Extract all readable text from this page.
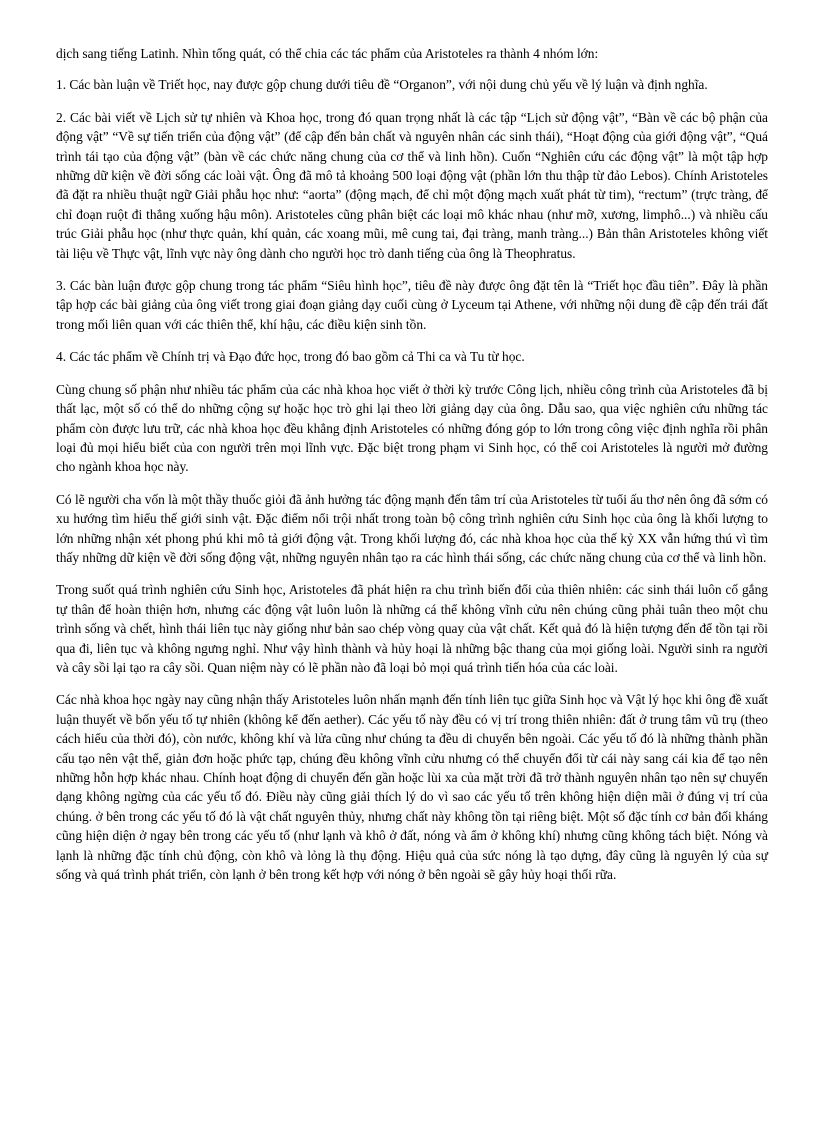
dịch sang tiếng Latinh. Nhìn tổng quát, có thể chia các tác phẩm của Aristoteles ra thành 4 nhóm lớn:

1. Các bàn luận về Triết học, nay được gộp chung dưới tiêu đề “Organon”, với nội dung chủ yếu về lý luận và định nghĩa.

2. Các bài viết về Lịch sử tự nhiên và Khoa học, trong đó quan trọng nhất là các tập “Lịch sử động vật”, “Bàn về các bộ phận của động vật” “Về sự tiến triển của động vật” (để cập đến bản chất và nguyên nhân các sinh thái), “Hoạt động của giới động vật”, “Quá trình tái tạo của động vật” (bàn về các chức năng chung của cơ thể và linh hồn). Cuốn “Nghiên cứu các động vật” là một tập hợp những dữ kiện về đời sống các loài vật. Ông đã mô tả khoảng 500 loại động vật (phần lớn thu thập từ đảo Lebos). Chính Aristoteles đã đặt ra nhiều thuật ngữ Giải phẫu học như: “aorta” (động mạch, để chỉ một động mạch xuất phát từ tim), “rectum” (trực tràng, để chỉ đoạn ruột đi thẳng xuống hậu môn). Aristoteles cũng phân biệt các loại mô khác nhau (như mỡ, xương, limphô...) và nhiều cấu trúc Giải phẫu học (như thực quản, khí quản, các xoang mũi, mê cung tai, đại tràng, manh tràng...) Bản thân Aristoteles không viết tài liệu về Thực vật, lĩnh vực này ông dành cho người học trò danh tiếng của ông là Theophratus.

3. Các bàn luận được gộp chung trong tác phẩm “Siêu hình học”, tiêu đề này được ông đặt tên là “Triết học đầu tiên”. Đây là phần tập hợp các bài giảng của ông viết trong giai đoạn giảng dạy cuối cùng ở Lyceum tại Athene, với những nội dung đề cập đến trái đất trong mối liên quan với các thiên thể, khí hậu, các điều kiện sinh tồn.

4. Các tác phẩm về Chính trị và Đạo đức học, trong đó bao gồm cả Thi ca và Tu từ học.

Cùng chung số phận như nhiều tác phẩm của các nhà khoa học viết ở thời kỳ trước Công lịch, nhiều công trình của Aristoteles đã bị thất lạc, một số có thể do những cộng sự hoặc học trò ghi lại theo lời giảng dạy của ông. Dẫu sao, qua việc nghiên cứu những tác phẩm còn được lưu trữ, các nhà khoa học đều khẳng định Aristoteles có những đóng góp to lớn trong công việc định nghĩa rồi phân loại đủ mọi hiểu biết của con người trên mọi lĩnh vực. Đặc biệt trong phạm vi Sinh học, có thể coi Aristoteles là người mở đường cho ngành khoa học này.

Có lẽ người cha vốn là một thầy thuốc giỏi đã ảnh hưởng tác động mạnh đến tâm trí của Aristoteles từ tuổi ấu thơ nên ông đã sớm có xu hướng tìm hiểu thế giới sinh vật. Đặc điểm nổi trội nhất trong toàn bộ công trình nghiên cứu Sinh học của ông là khối lượng to lớn những nhận xét phong phú khi mô tả giới động vật. Trong khối lượng đó, các nhà khoa học của thế kỷ XX vẫn hứng thú vì tìm thấy những dữ kiện về đời sống động vật, những nguyên nhân tạo ra các hình thái sống, các chức năng chung của cơ thể và linh hồn.

Trong suốt quá trình nghiên cứu Sinh học, Aristoteles đã phát hiện ra chu trình biến đổi của thiên nhiên: các sinh thái luôn cố gắng tự thân để hoàn thiện hơn, nhưng các động vật luôn luôn là những cá thể không vĩnh cửu nên chúng cũng phải tuân theo một chu trình sống và chết, hình thái liên tục này giống như bản sao chép vòng quay của vật chất. Kết quả đó là hiện tượng đến để tồn tại rồi qua đi, liên tục và không ngưng nghỉ. Như vậy hình thành và hủy hoại là những bậc thang của mọi giống loài. Người sinh ra người và cây sồi lại tạo ra cây sồi. Quan niệm này có lẽ phần nào đã loại bỏ mọi quá trình tiến hóa của các loài.

Các nhà khoa học ngày nay cũng nhận thấy Aristoteles luôn nhấn mạnh đến tính liên tục giữa Sinh học và Vật lý học khi ông đề xuất luận thuyết về bốn yếu tố tự nhiên (không kể đến aether). Các yếu tố này đều có vị trí trong thiên nhiên: đất ở trung tâm vũ trụ (theo cách hiểu của thời đó), còn nước, không khí và lửa cũng như chúng ta đều di chuyển bên ngoài. Các yếu tố đó là những thành phần cấu tạo nên vật thể, giản đơn hoặc phức tạp, chúng đều không vĩnh cửu nhưng có thể chuyển đổi từ cái này sang cái kia để tạo nên những hỗn hợp khác nhau. Chính hoạt động di chuyển đến gần hoặc lùi xa của mặt trời đã trở thành nguyên nhân tạo nên sự chuyển dạng không ngừng của các yếu tố đó. Điều này cũng giải thích lý do vì sao các yếu tố trên không hiện diện mãi ở đúng vị trí của chúng. ở bên trong các yếu tố đó là vật chất nguyên thủy, nhưng chất này không tồn tại riêng biệt. Một số đặc tính cơ bản đối kháng cũng hiện diện ở ngay bên trong các yếu tố (như lạnh và khô ở đất, nóng và ẩm ở không khí) nhưng cũng không tách biệt. Nóng và lạnh là những đặc tính chủ động, còn khô và lỏng là thụ động. Hiệu quả của sức nóng là tạo dựng, đây cũng là nguyên lý của sự sống và quá trình phát triển, còn lạnh ở bên trong kết hợp với nóng ở bên ngoài sẽ gây hủy hoại thối rữa.
